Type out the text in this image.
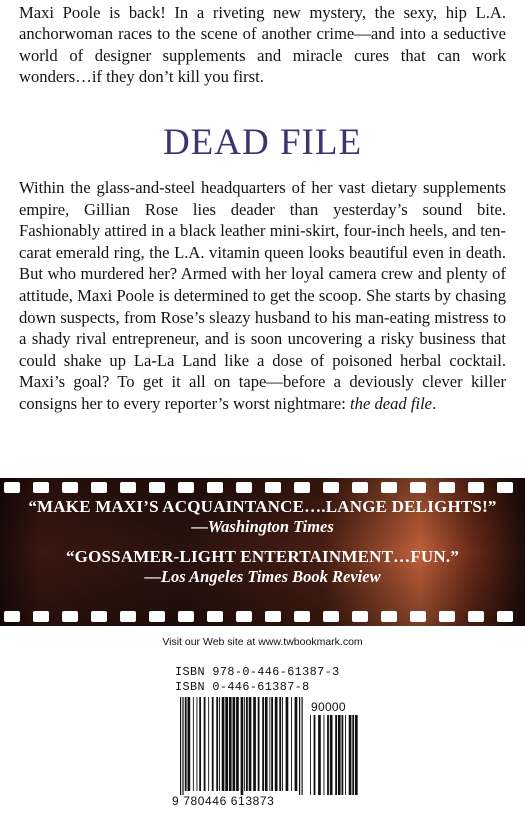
Maxi Poole is back! In a riveting new mystery, the sexy, hip L.A. anchorwoman races to the scene of another crime—and into a seductive world of designer supplements and miracle cures that can work wonders…if they don’t kill you first.

DEAD FILE

Within the glass-and-steel headquarters of her vast dietary supplements empire, Gillian Rose lies deader than yesterday’s sound bite. Fashionably attired in a black leather mini-skirt, four-inch heels, and ten-carat emerald ring, the L.A. vitamin queen looks beautiful even in death. But who murdered her? Armed with her loyal camera crew and plenty of attitude, Maxi Poole is determined to get the scoop. She starts by chasing down suspects, from Rose’s sleazy husband to his man-eating mistress to a shady rival entrepreneur, and is soon uncovering a risky business that could shake up La-La Land like a dose of poisoned herbal cocktail. Maxi’s goal? To get it all on tape—before a deviously clever killer consigns her to every reporter’s worst nightmare: the dead file.

“MAKE MAXI’S ACQUAINTANCE….LANGE DELIGHTS!”
—Washington Times
“GOSSAMER-LIGHT ENTERTAINMENT…FUN.”
—Los Angeles Times Book Review
Visit our Web site at www.twbookmark.com
ISBN 978-0-446-61387-3
ISBN 0-446-61387-8
90000
9 780446 613873
